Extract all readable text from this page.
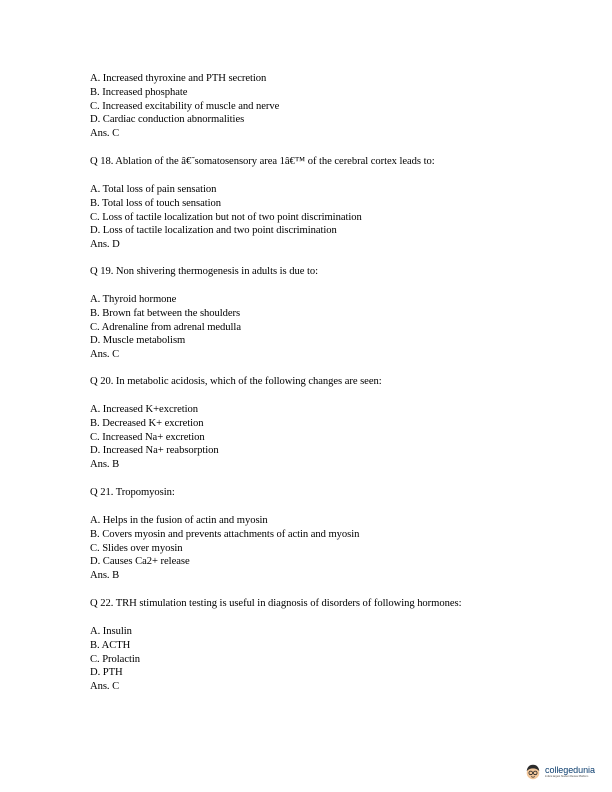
A. Increased thyroxine and PTH secretion
B. Increased phosphate
C. Increased excitability of muscle and nerve
D. Cardiac conduction abnormalities
Ans. C
Q 18. Ablation of the â€˜somatosensory area 1â€™ of the cerebral cortex leads to:
A. Total loss of pain sensation
B. Total loss of touch sensation
C. Loss of tactile localization but not of two point discrimination
D. Loss of tactile localization and two point discrimination
Ans. D
Q 19. Non shivering thermogenesis in adults is due to:
A. Thyroid hormone
B. Brown fat between the shoulders
C. Adrenaline from adrenal medulla
D. Muscle metabolism
Ans. C
Q 20. In metabolic acidosis, which of the following changes are seen:
A. Increased K+excretion
B. Decreased K+ excretion
C. Increased Na+ excretion
D. Increased Na+ reabsorption
Ans. B
Q 21. Tropomyosin:
A. Helps in the fusion of actin and myosin
B. Covers myosin and prevents attachments of actin and myosin
C. Slides over myosin
D. Causes Ca2+ release
Ans. B
Q 22. TRH stimulation testing is useful in diagnosis of disorders of following hormones:
A. Insulin
B. ACTH
C. Prolactin
D. PTH
Ans. C
collegedunia
India's largest Student Review Platform
